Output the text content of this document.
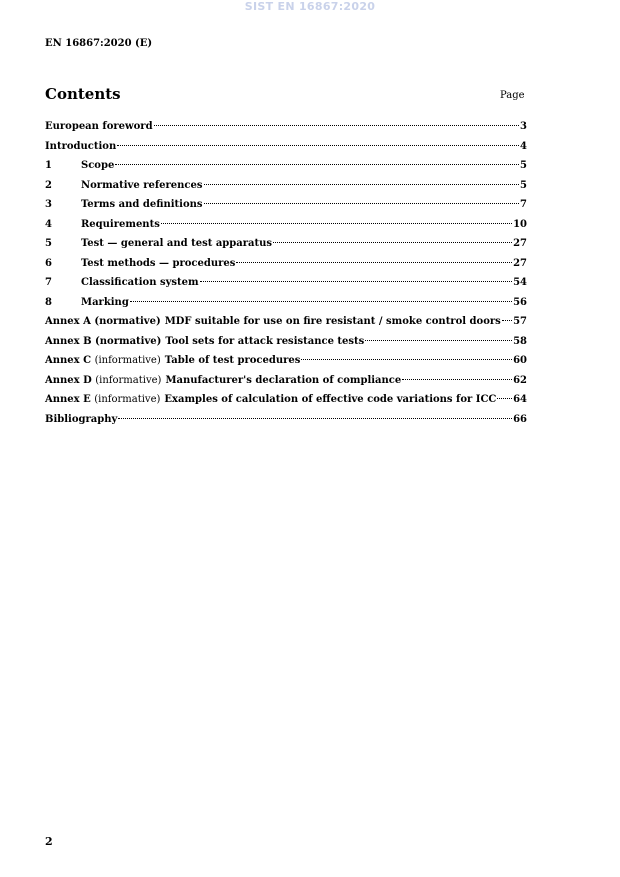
SIST EN 16867:2020
EN 16867:2020 (E)
Contents	Page
European foreword	3
Introduction	4
1	Scope	5
2	Normative references	5
3	Terms and definitions	7
4	Requirements	10
5	Test — general and test apparatus	27
6	Test methods — procedures	27
7	Classification system	54
8	Marking	56
Annex A (normative) MDF suitable for use on fire resistant / smoke control doors 57
Annex B (normative) Tool sets for attack resistance tests	58
Annex C (informative) Table of test procedures	60
Annex D (informative) Manufacturer's declaration of compliance	62
Annex E (informative) Examples of calculation of effective code variations for ICC 64
Bibliography	66
2
